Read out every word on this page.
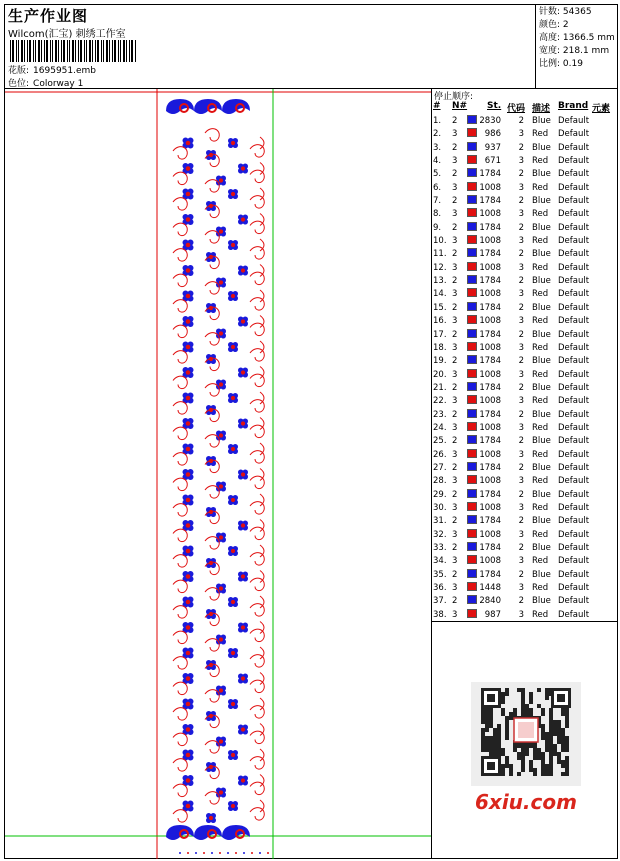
生产作业图
Wilcom(汇宝) 刺绣工作室
花版: 1695951.emb
色位: Colorway 1
针数: 54365
颜色: 2
高度: 1366.5 mm
宽度: 218.1 mm
比例: 0.19
停止顺序:
# N# St. 代码 描述 Brand 元素
1. 2	2830	2 Blue Default
2. 3	986	3 Red Default
3. 2	937	2 Blue Default
4. 3	671	3 Red Default
5. 2	1784	2 Blue Default
6. 3	1008	3 Red Default
7. 2	1784	2 Blue Default
8. 3	1008	3 Red Default
9. 2	1784	2 Blue Default
10. 3	1008	3 Red Default
11. 2	1784	2 Blue Default
12. 3	1008	3 Red Default
13. 2	1784	2 Blue Default
14. 3	1008	3 Red Default
15. 2	1784	2 Blue Default
16. 3	1008	3 Red Default
17. 2	1784	2 Blue Default
18. 3	1008	3 Red Default
19. 2	1784	2 Blue Default
20. 3	1008	3 Red Default
21. 2	1784	2 Blue Default
22. 3	1008	3 Red Default
23. 2	1784	2 Blue Default
24. 3	1008	3 Red Default
25. 2	1784	2 Blue Default
26. 3	1008	3 Red Default
27. 2	1784	2 Blue Default
28. 3	1008	3 Red Default
29. 2	1784	2 Blue Default
30. 3	1008	3 Red Default
31. 2	1784	2 Blue Default
32. 3	1008	3 Red Default
33. 2	1784	2 Blue Default
34. 3	1008	3 Red Default
35. 2	1784	2 Blue Default
36. 3	1448	3 Red Default
37. 2	2840	2 Blue Default
38. 3	987	3 Red Default
6xiu.com
